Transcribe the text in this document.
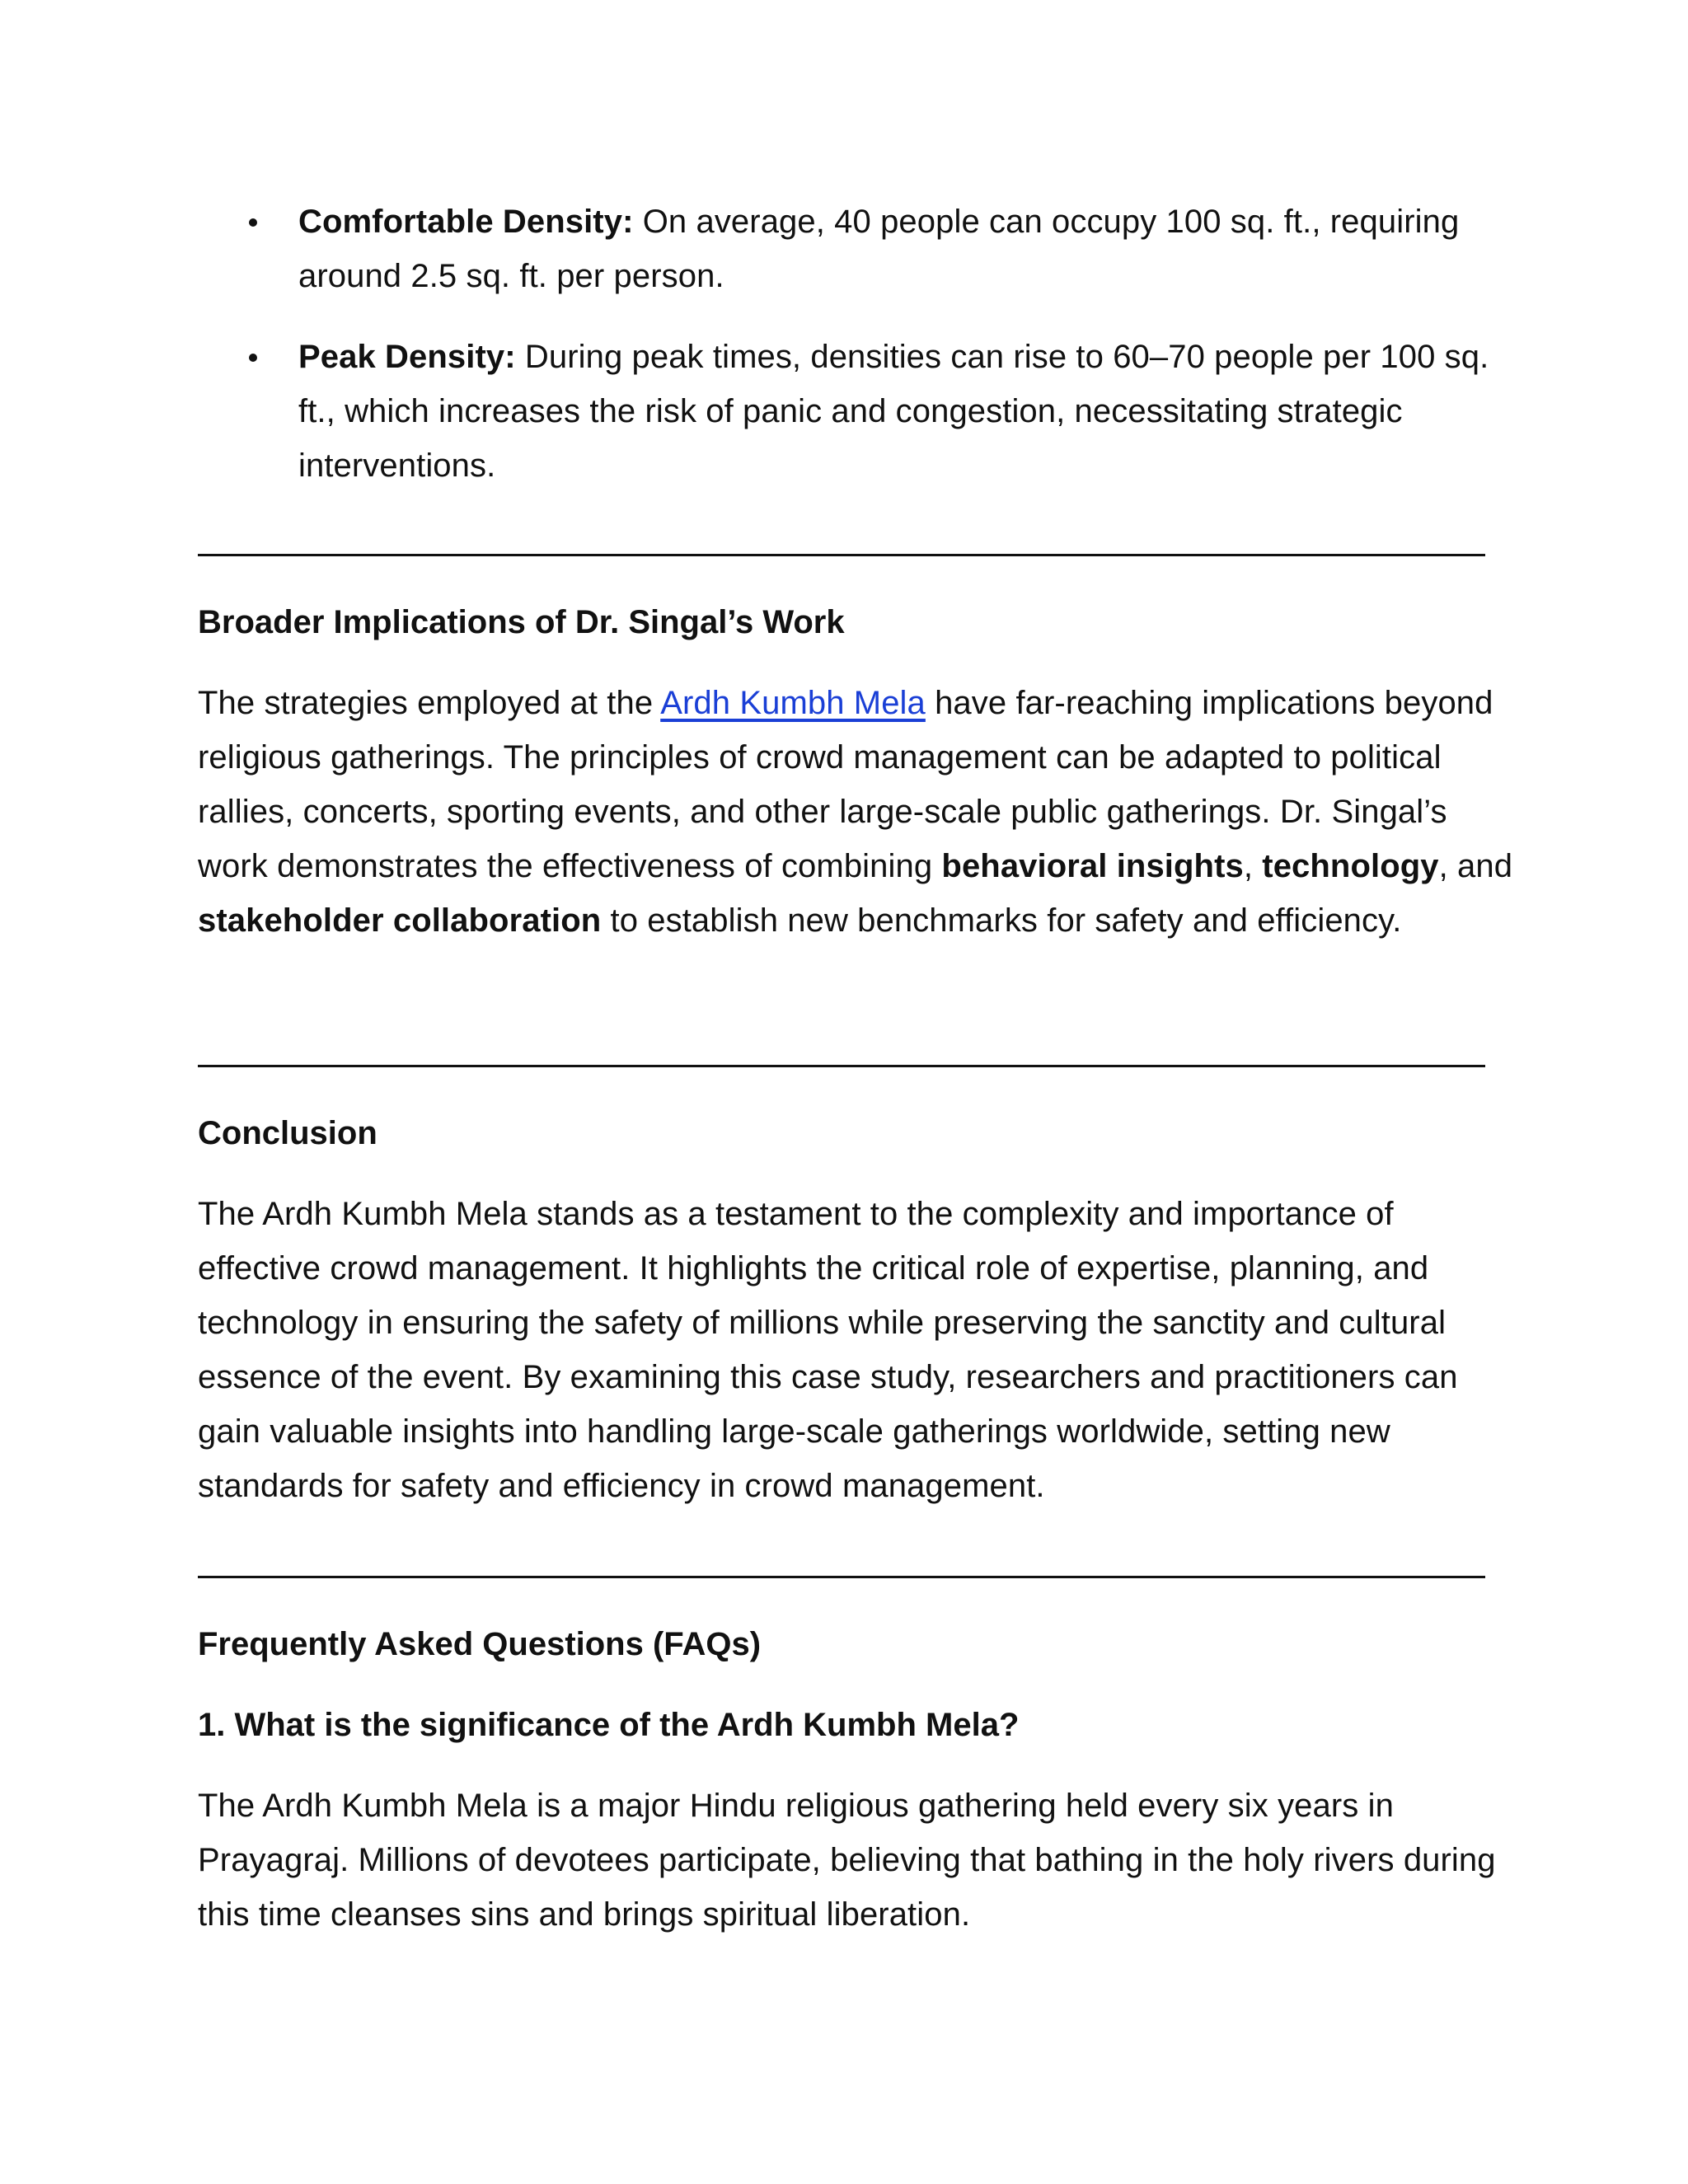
Comfortable Density: On average, 40 people can occupy 100 sq. ft., requiring around 2.5 sq. ft. per person.
Peak Density: During peak times, densities can rise to 60–70 people per 100 sq. ft., which increases the risk of panic and congestion, necessitating strategic interventions.
Broader Implications of Dr. Singal’s Work

The strategies employed at the Ardh Kumbh Mela have far-reaching implications beyond religious gatherings. The principles of crowd management can be adapted to political rallies, concerts, sporting events, and other large-scale public gatherings. Dr. Singal’s work demonstrates the effectiveness of combining behavioral insights, technology, and stakeholder collaboration to establish new benchmarks for safety and efficiency.

Conclusion

The Ardh Kumbh Mela stands as a testament to the complexity and importance of effective crowd management. It highlights the critical role of expertise, planning, and technology in ensuring the safety of millions while preserving the sanctity and cultural essence of the event. By examining this case study, researchers and practitioners can gain valuable insights into handling large-scale gatherings worldwide, setting new standards for safety and efficiency in crowd management.

Frequently Asked Questions (FAQs)
1. What is the significance of the Ardh Kumbh Mela?

The Ardh Kumbh Mela is a major Hindu religious gathering held every six years in Prayagraj. Millions of devotees participate, believing that bathing in the holy rivers during this time cleanses sins and brings spiritual liberation.
